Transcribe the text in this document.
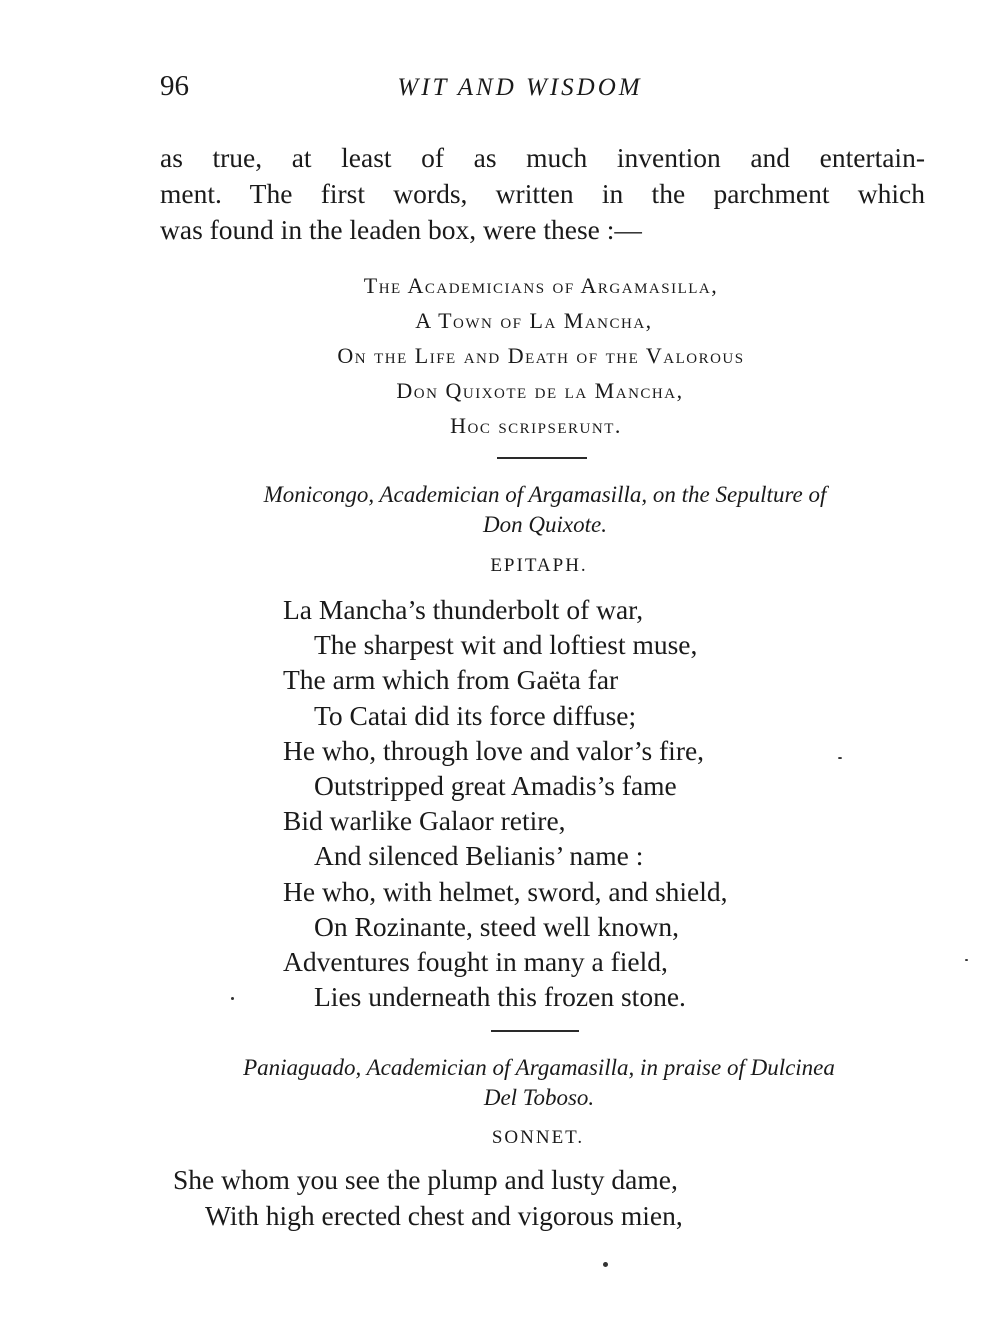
96	WIT AND WISDOM
as true, at least of as much invention and entertain-
ment. The first words, written in the parchment which
was found in the leaden box, were these :—
The Academicians of Argamasilla,
A Town of La Mancha,
On the Life and Death of the Valorous
Don Quixote de la Mancha,
Hoc scripserunt.
Monicongo, Academician of Argamasilla, on the Sepulture of
Don Quixote.
EPITAPH.
La Mancha’s thunderbolt of war,
The sharpest wit and loftiest muse,
The arm which from Gaëta far
To Catai did its force diffuse;
He who, through love and valor’s fire,
Outstripped great Amadis’s fame
Bid warlike Galaor retire,
And silenced Belianis’ name :
He who, with helmet, sword, and shield,
On Rozinante, steed well known,
Adventures fought in many a field,
Lies underneath this frozen stone.
Paniaguado, Academician of Argamasilla, in praise of Dulcinea
Del Toboso.
SONNET.
She whom you see the plump and lusty dame,
With high erected chest and vigorous mien,
